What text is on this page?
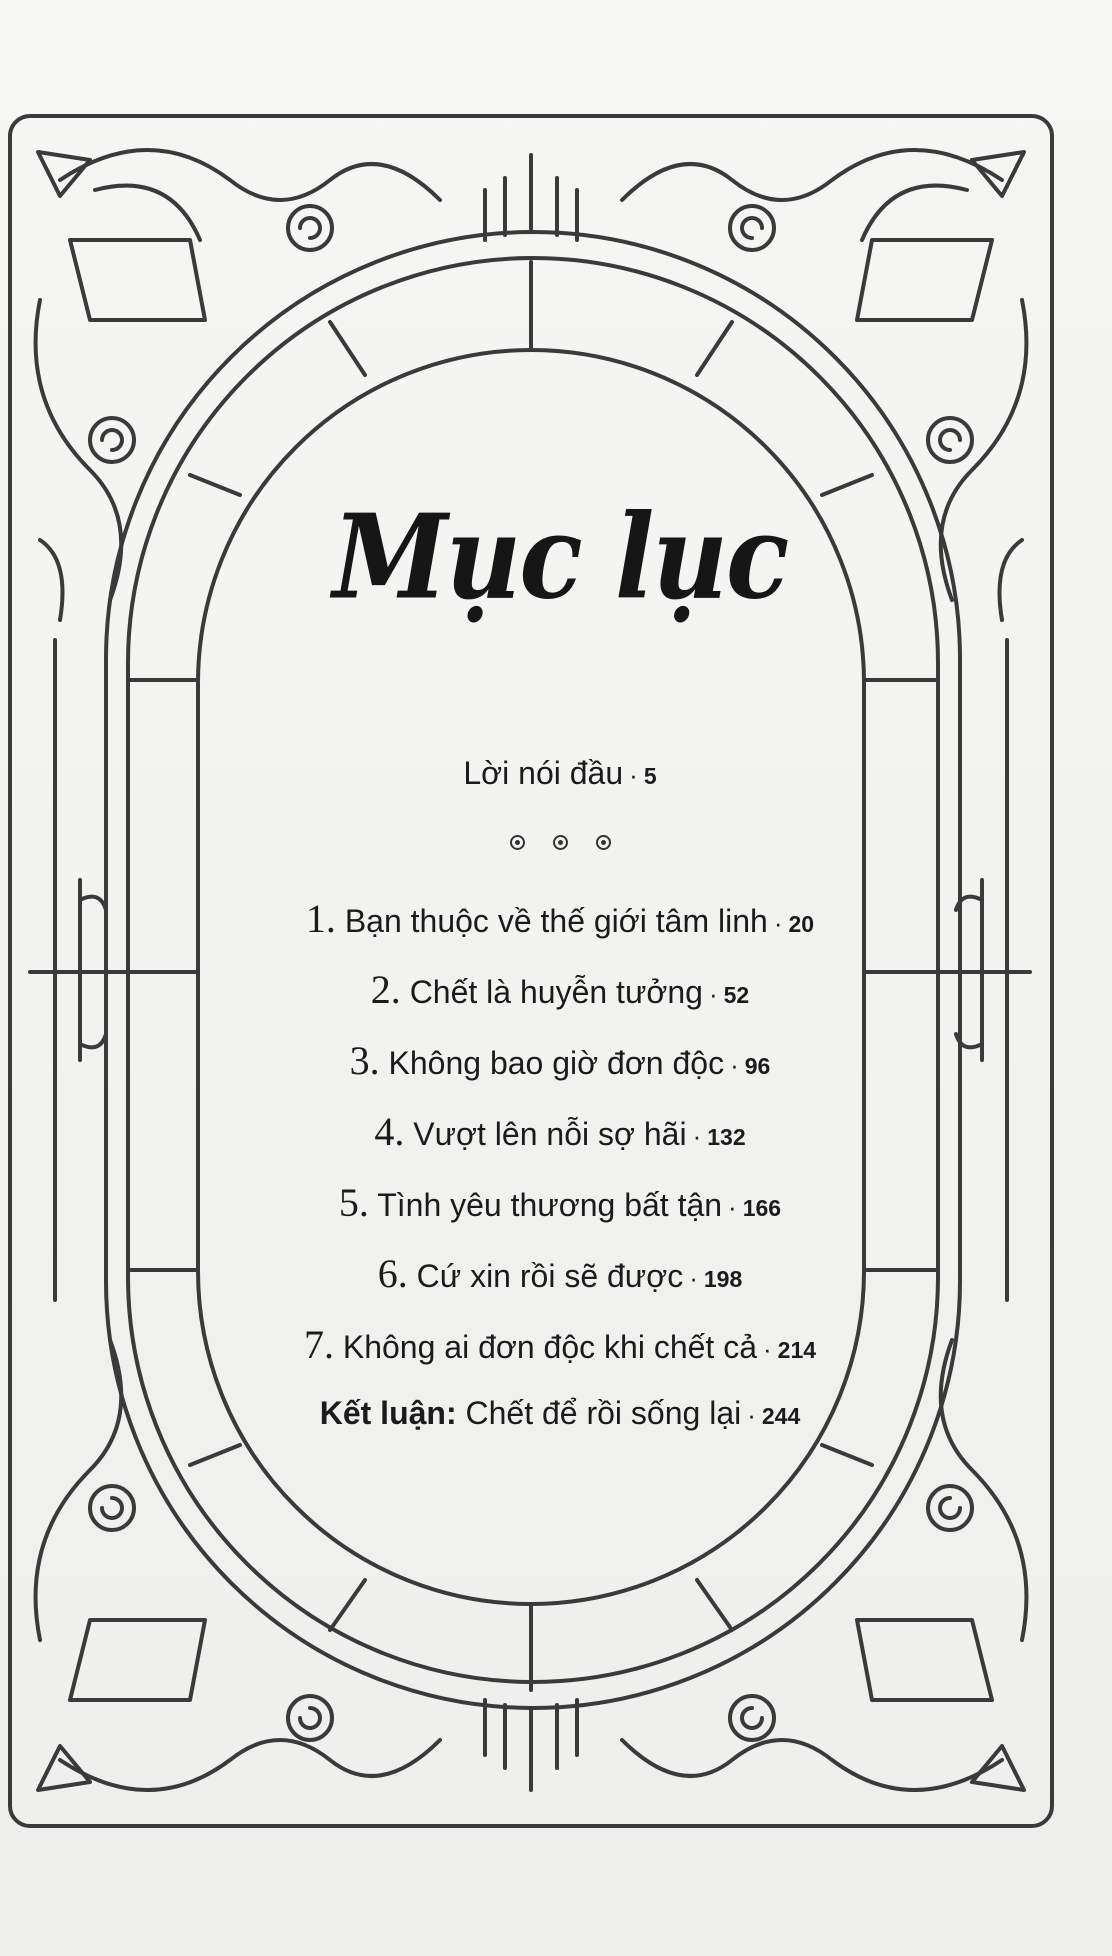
Mục lục
Lời nói đầu · 5
1. Bạn thuộc về thế giới tâm linh · 20
2. Chết là huyễn tưởng · 52
3. Không bao giờ đơn độc · 96
4. Vượt lên nỗi sợ hãi · 132
5. Tình yêu thương bất tận · 166
6. Cứ xin rồi sẽ được · 198
7. Không ai đơn độc khi chết cả · 214
Kết luận: Chết để rồi sống lại · 244
